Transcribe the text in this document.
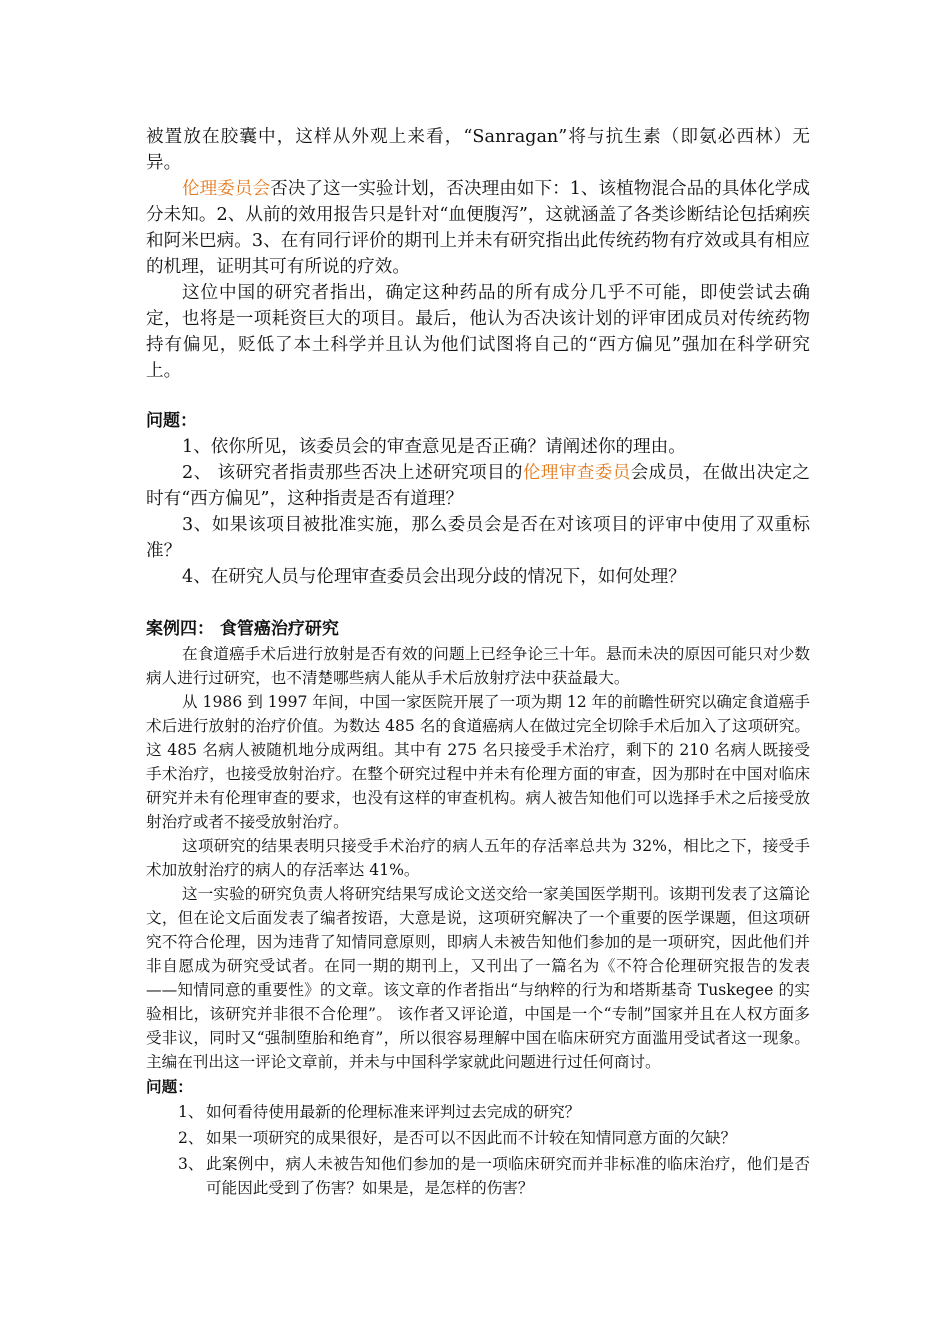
被置放在胶囊中，这样从外观上来看，“Sanragan”将与抗生素（即氨必西林）无异。

伦理委员会否决了这一实验计划，否决理由如下：1、该植物混合品的具体化学成分未知。2、从前的效用报告只是针对“血便腹泻”，这就涵盖了各类诊断结论包括痢疾和阿米巴病。3、在有同行评价的期刊上并未有研究指出此传统药物有疗效或具有相应的机理，证明其可有所说的疗效。

这位中国的研究者指出，确定这种药品的所有成分几乎不可能，即使尝试去确定，也将是一项耗资巨大的项目。最后，他认为否决该计划的评审团成员对传统药物持有偏见，贬低了本土科学并且认为他们试图将自己的“西方偏见”强加在科学研究上。

问题：

1、依你所见，该委员会的审查意见是否正确？请阐述你的理由。

2、 该研究者指责那些否决上述研究项目的伦理审查委员会成员，在做出决定之时有“西方偏见”，这种指责是否有道理？

3、如果该项目被批准实施，那么委员会是否在对该项目的评审中使用了双重标准？

4、在研究人员与伦理审查委员会出现分歧的情况下，如何处理？

案例四： 食管癌治疗研究

在食道癌手术后进行放射是否有效的问题上已经争论三十年。悬而未决的原因可能只对少数病人进行过研究，也不清楚哪些病人能从手术后放射疗法中获益最大。

从 1986 到 1997 年间，中国一家医院开展了一项为期 12 年的前瞻性研究以确定食道癌手术后进行放射的治疗价值。为数达 485 名的食道癌病人在做过完全切除手术后加入了这项研究。这 485 名病人被随机地分成两组。其中有 275 名只接受手术治疗，剩下的 210 名病人既接受手术治疗，也接受放射治疗。在整个研究过程中并未有伦理方面的审查，因为那时在中国对临床研究并未有伦理审查的要求，也没有这样的审查机构。病人被告知他们可以选择手术之后接受放射治疗或者不接受放射治疗。

这项研究的结果表明只接受手术治疗的病人五年的存活率总共为 32%，相比之下，接受手术加放射治疗的病人的存活率达 41%。

这一实验的研究负责人将研究结果写成论文送交给一家美国医学期刊。该期刊发表了这篇论文，但在论文后面发表了编者按语，大意是说，这项研究解决了一个重要的医学课题，但这项研究不符合伦理，因为违背了知情同意原则，即病人未被告知他们参加的是一项研究，因此他们并非自愿成为研究受试者。在同一期的期刊上，又刊出了一篇名为《不符合伦理研究报告的发表——知情同意的重要性》的文章。该文章的作者指出“与纳粹的行为和塔斯基奇 Tuskegee 的实验相比，该研究并非很不合伦理”。 该作者又评论道，中国是一个“专制”国家并且在人权方面多受非议，同时又“强制堕胎和绝育”，所以很容易理解中国在临床研究方面滥用受试者这一现象。主编在刊出这一评论文章前，并未与中国科学家就此问题进行过任何商讨。

问题：

1、 如何看待使用最新的伦理标准来评判过去完成的研究？
2、 如果一项研究的成果很好，是否可以不因此而不计较在知情同意方面的欠缺？
3、 此案例中，病人未被告知他们参加的是一项临床研究而并非标准的临床治疗，他们是否可能因此受到了伤害？如果是，是怎样的伤害？
